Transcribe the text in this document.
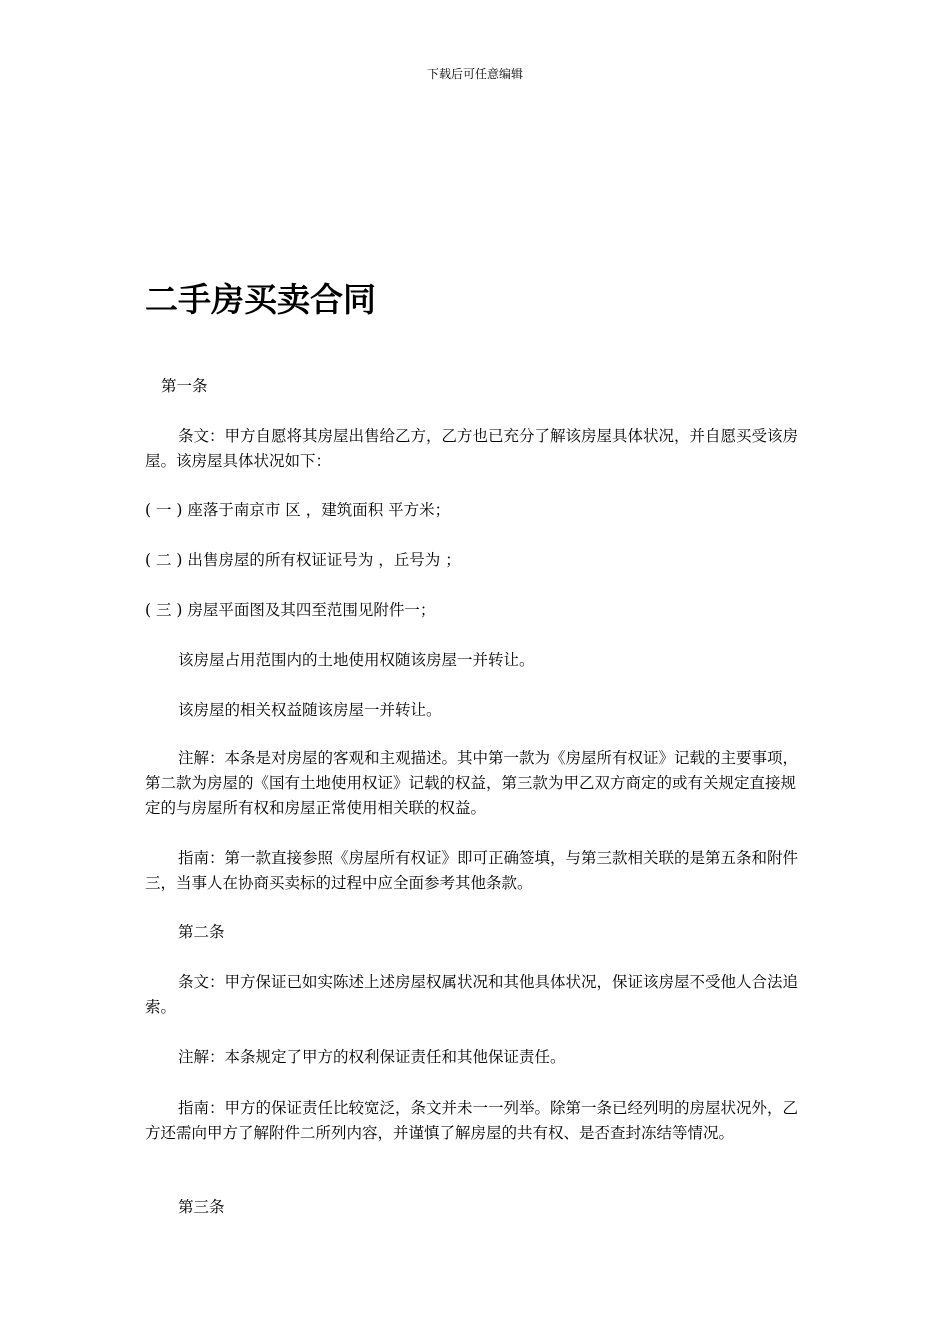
下载后可任意编辑
二手房买卖合同

第一条

条文：甲方自愿将其房屋出售给乙方，乙方也已充分了解该房屋具体状况，并自愿买受该房屋。该房屋具体状况如下：

( 一 ) 座落于南京市 区 ，建筑面积 平方米；

( 二 ) 出售房屋的所有权证证号为 ，丘号为 ；

( 三 ) 房屋平面图及其四至范围见附件一；

该房屋占用范围内的土地使用权随该房屋一并转让。

该房屋的相关权益随该房屋一并转让。

注解：本条是对房屋的客观和主观描述。其中第一款为《房屋所有权证》记载的主要事项，第二款为房屋的《国有土地使用权证》记载的权益，第三款为甲乙双方商定的或有关规定直接规定的与房屋所有权和房屋正常使用相关联的权益。

指南：第一款直接参照《房屋所有权证》即可正确签填，与第三款相关联的是第五条和附件三，当事人在协商买卖标的过程中应全面参考其他条款。

第二条

条文：甲方保证已如实陈述上述房屋权属状况和其他具体状况，保证该房屋不受他人合法追索。

注解：本条规定了甲方的权利保证责任和其他保证责任。

指南：甲方的保证责任比较宽泛，条文并未一一列举。除第一条已经列明的房屋状况外，乙方还需向甲方了解附件二所列内容，并谨慎了解房屋的共有权、是否查封冻结等情况。

第三条
